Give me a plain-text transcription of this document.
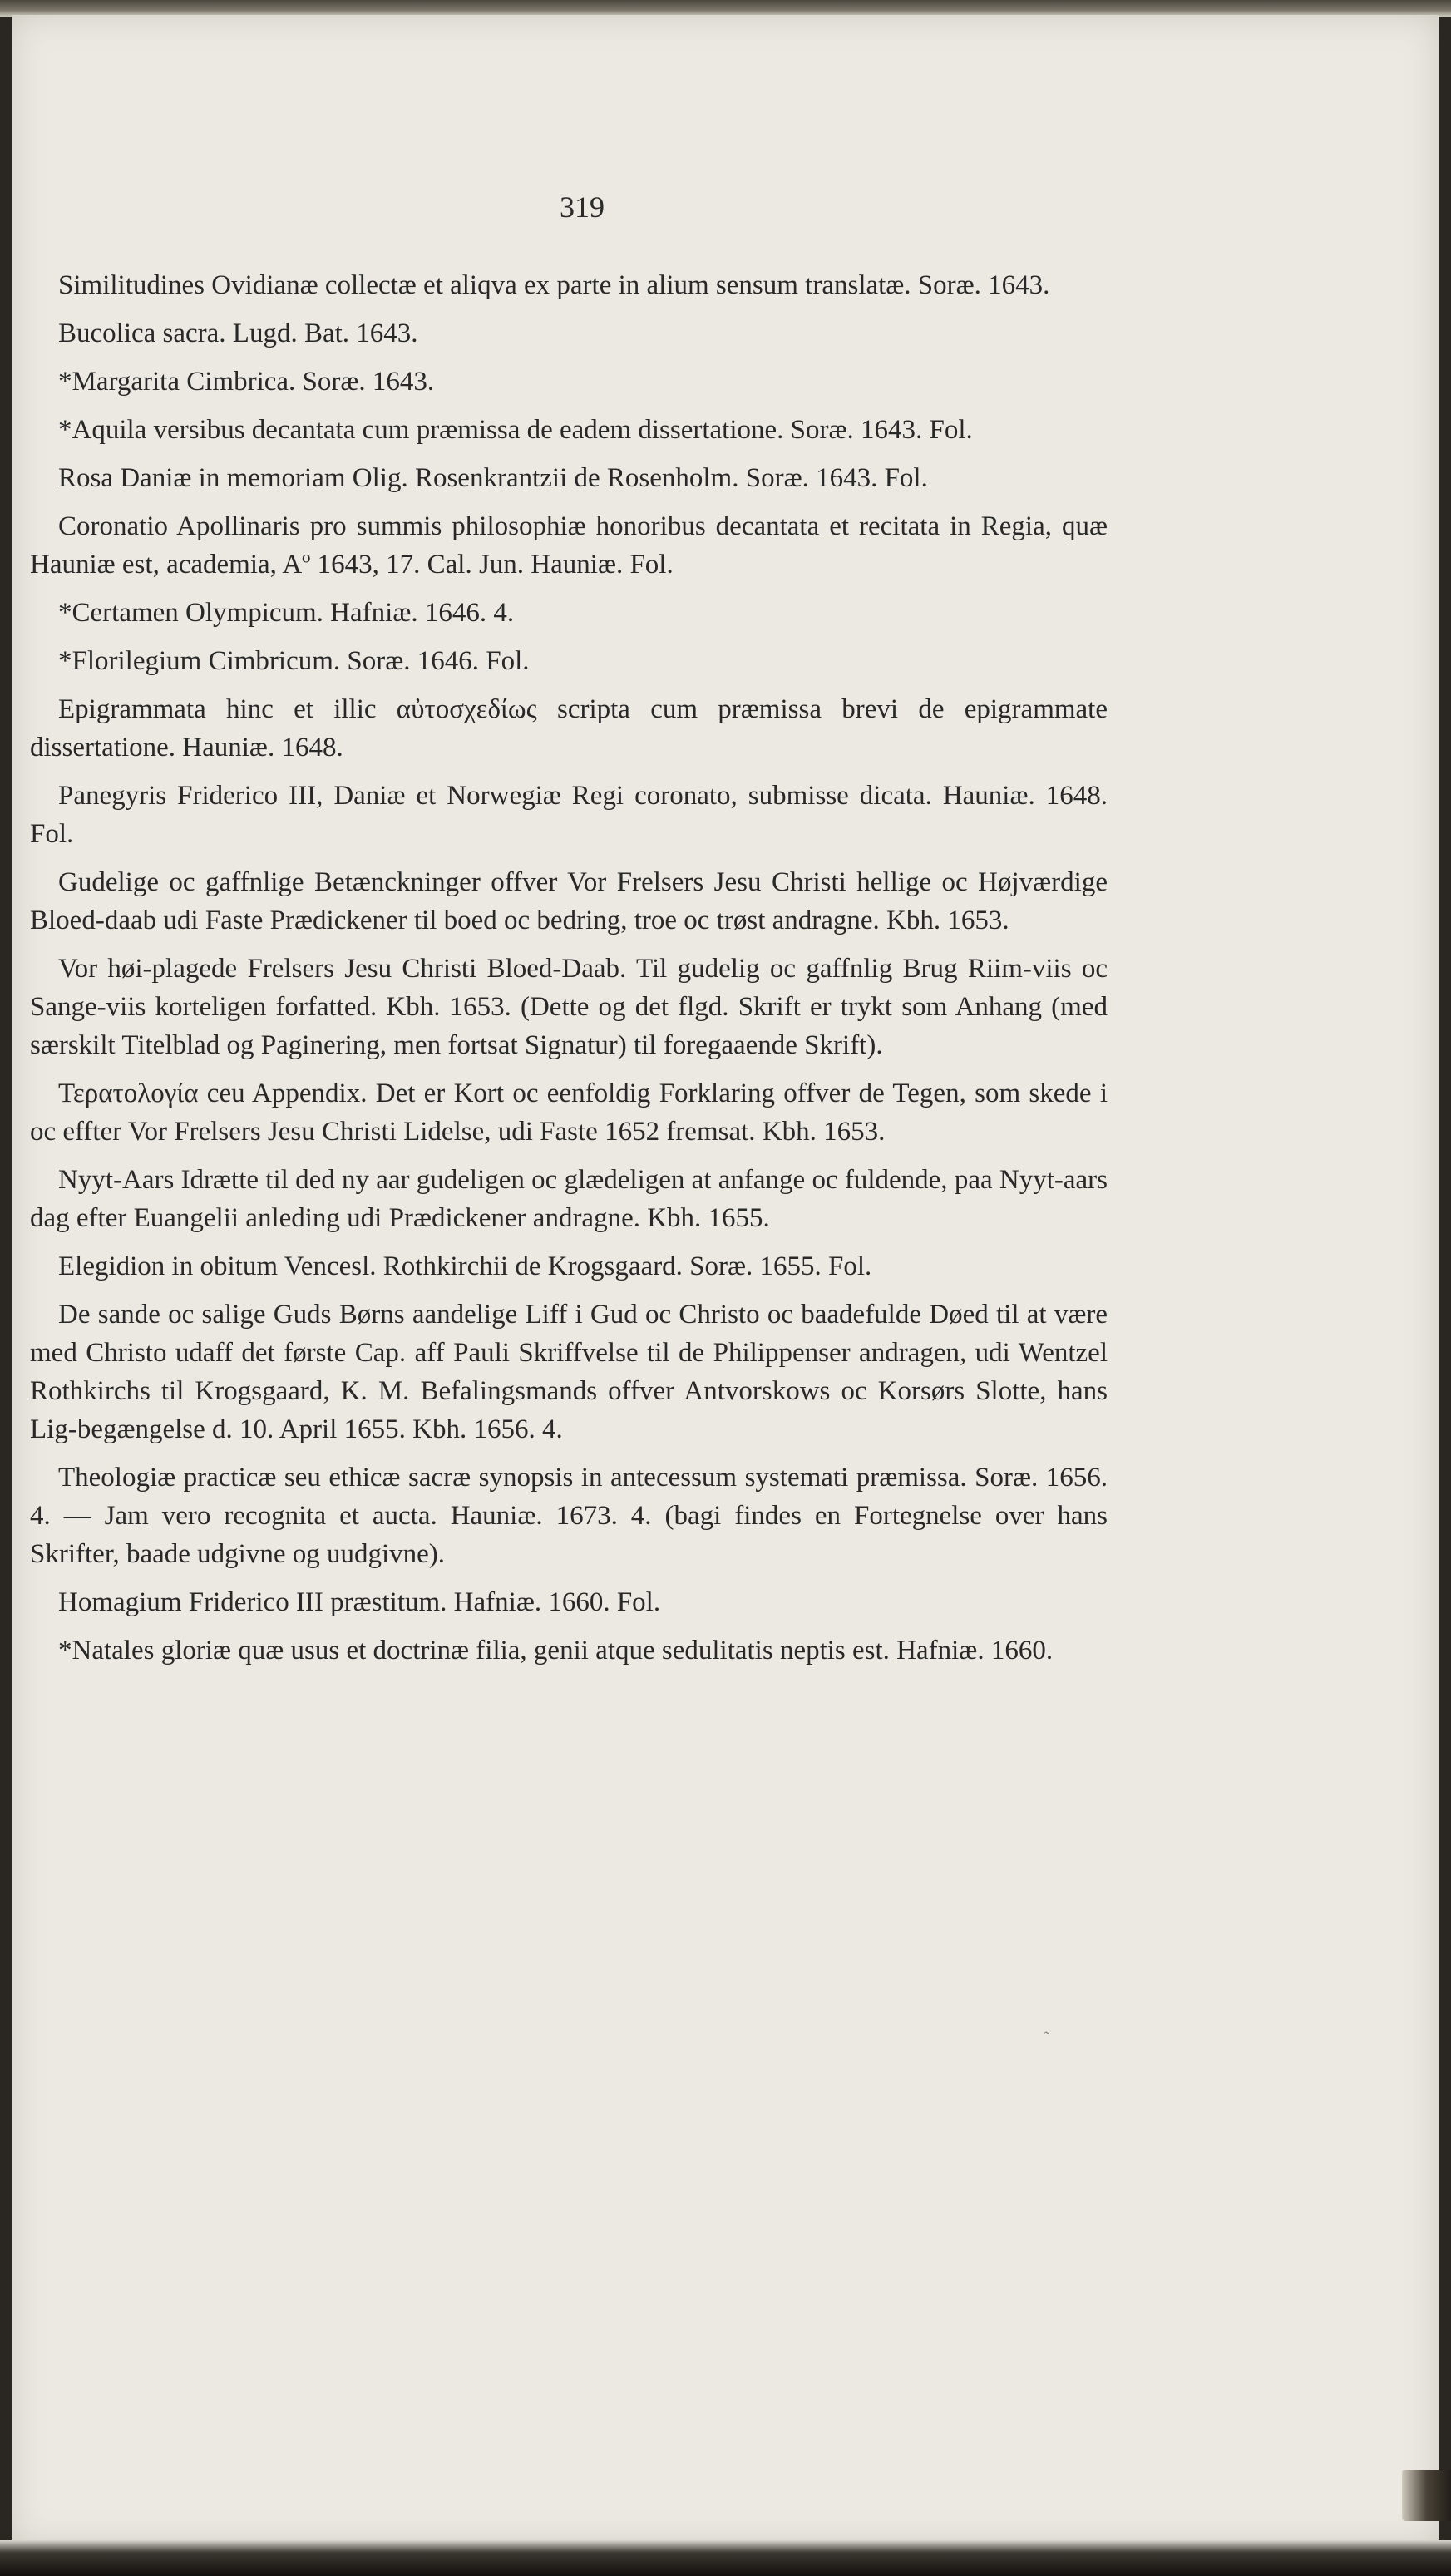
319

Similitudines Ovidianæ collectæ et aliqva ex parte in alium sensum translatæ. Soræ. 1643.

Bucolica sacra. Lugd. Bat. 1643.

*Margarita Cimbrica. Soræ. 1643.

*Aquila versibus decantata cum præmissa de eadem dissertatione. Soræ. 1643. Fol.

Rosa Daniæ in memoriam Olig. Rosenkrantzii de Rosenholm. Soræ. 1643. Fol.

Coronatio Apollinaris pro summis philosophiæ honoribus decantata et recitata in Regia, quæ Hauniæ est, academia, Aº 1643, 17. Cal. Jun. Hauniæ. Fol.

*Certamen Olympicum. Hafniæ. 1646. 4.

*Florilegium Cimbricum. Soræ. 1646. Fol.

Epigrammata hinc et illic αὐτοσχεδίως scripta cum præmissa brevi de epigrammate dissertatione. Hauniæ. 1648.

Panegyris Friderico III, Daniæ et Norwegiæ Regi coronato, submisse dicata. Hauniæ. 1648. Fol.

Gudelige oc gaffnlige Betænckninger offver Vor Frelsers Jesu Christi hellige oc Højværdige Bloed-daab udi Faste Prædickener til boed oc bedring, troe oc trøst andragne. Kbh. 1653.

Vor høi-plagede Frelsers Jesu Christi Bloed-Daab. Til gudelig oc gaffnlig Brug Riim-viis oc Sange-viis korteligen forfatted. Kbh. 1653. (Dette og det flgd. Skrift er trykt som Anhang (med særskilt Titelblad og Paginering, men fortsat Signatur) til foregaaende Skrift).

Τερατολογία ceu Appendix. Det er Kort oc eenfoldig Forklaring offver de Tegen, som skede i oc effter Vor Frelsers Jesu Christi Lidelse, udi Faste 1652 fremsat. Kbh. 1653.

Nyyt-Aars Idrætte til ded ny aar gudeligen oc glædeligen at anfange oc fuldende, paa Nyyt-aars dag efter Euangelii anleding udi Prædickener andragne. Kbh. 1655.

Elegidion in obitum Vencesl. Rothkirchii de Krogsgaard. Soræ. 1655. Fol.

De sande oc salige Guds Børns aandelige Liff i Gud oc Christo oc baadefulde Døed til at være med Christo udaff det første Cap. aff Pauli Skriffvelse til de Philippenser andragen, udi Wentzel Rothkirchs til Krogsgaard, K. M. Befalingsmands offver Antvorskows oc Korsørs Slotte, hans Lig-begængelse d. 10. April 1655. Kbh. 1656. 4.

Theologiæ practicæ seu ethicæ sacræ synopsis in antecessum systemati præmissa. Soræ. 1656. 4. — Jam vero recognita et aucta. Hauniæ. 1673. 4. (bagi findes en Fortegnelse over hans Skrifter, baade udgivne og uudgivne).

Homagium Friderico III præstitum. Hafniæ. 1660. Fol.

*Natales gloriæ quæ usus et doctrinæ filia, genii atque sedulitatis neptis est. Hafniæ. 1660.

˜
